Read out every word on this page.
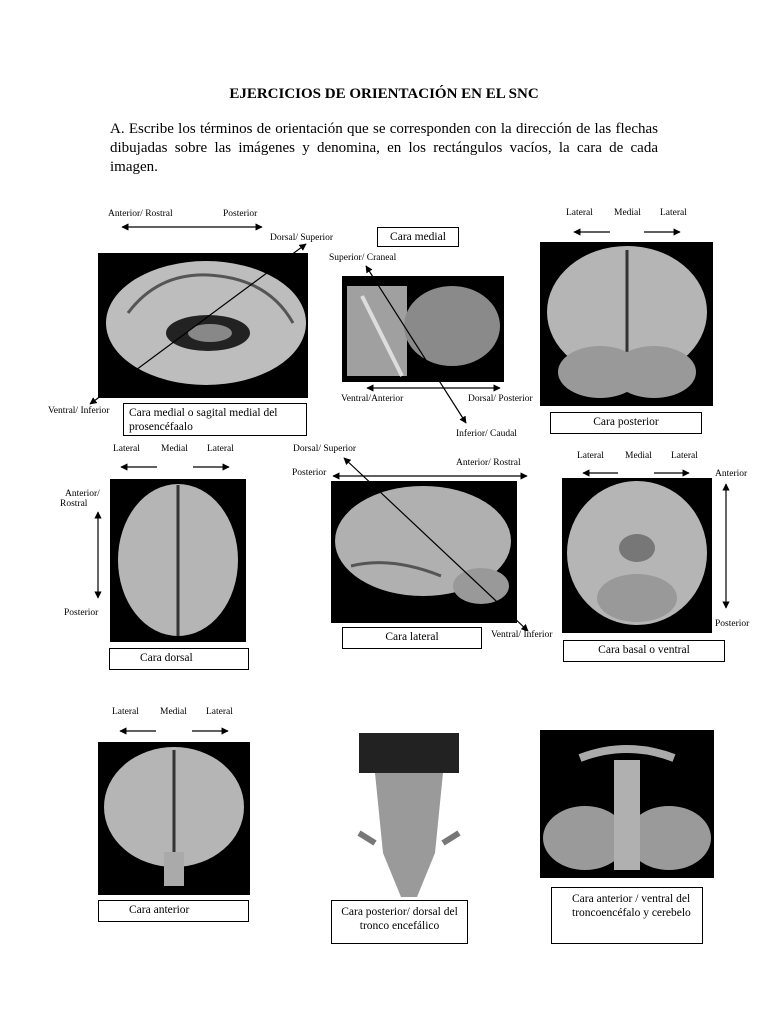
EJERCICIOS DE ORIENTACIÓN EN EL SNC
A. Escribe los términos de orientación que se corresponden con la dirección de las flechas dibujadas sobre las imágenes y denomina, en los rectángulos vacíos, la cara de cada imagen.
Anterior/ Rostral	Posterior
Dorsal/ Superior
Ventral/ Inferior	Cara medial o sagital medial del prosencéfaalo
Cara medial
Superior/ Craneal
Ventral/Anterior	Dorsal/ Posterior
Inferior/ Caudal
Lateral Medial Lateral
Cara posterior
Lateral Medial Lateral
Anterior/
Rostral
Posterior
Cara dorsal
Dorsal/ Superior
Posterior
Anterior/ Rostral
Ventral/ Inferior
Cara lateral
Lateral Medial Lateral
Anterior
Posterior
Cara basal o ventral
Lateral Medial Lateral
Cara anterior	Cara posterior/ dorsal del tronco encefálico
Cara anterior / ventral del troncoencéfalo y cerebelo
